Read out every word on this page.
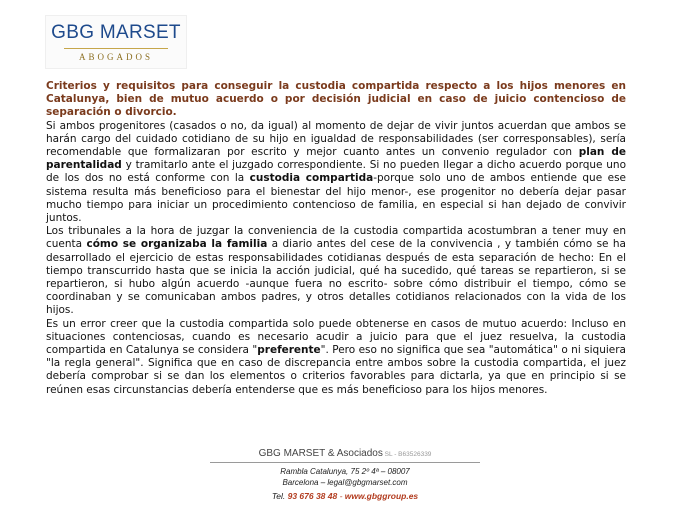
GBG MARSET
ABOGADOS

Criterios y requisitos para conseguir la custodia compartida respecto a los hijos menores en Catalunya, bien de mutuo acuerdo o por decisión judicial en caso de juicio contencioso de separación o divorcio.

Si ambos progenitores (casados o no, da igual) al momento de dejar de vivir juntos acuerdan que ambos se harán cargo del cuidado cotidiano de su hijo en igualdad de responsabilidades (ser corresponsables), sería recomendable que formalizaran por escrito y mejor cuanto antes un convenio regulador con plan de parentalidad y tramitarlo ante el juzgado correspondiente. Si no pueden llegar a dicho acuerdo porque uno de los dos no está conforme con la custodia compartida-porque solo uno de ambos entiende que ese sistema resulta más beneficioso para el bienestar del hijo menor-, ese progenitor no debería dejar pasar mucho tiempo para iniciar un procedimiento contencioso de familia, en especial si han dejado de convivir juntos.

Los tribunales a la hora de juzgar la conveniencia de la custodia compartida acostumbran a tener muy en cuenta cómo se organizaba la familia a diario antes del cese de la convivencia , y también cómo se ha desarrollado el ejercicio de estas responsabilidades cotidianas después de esta separación de hecho: En el tiempo transcurrido hasta que se inicia la acción judicial, qué ha sucedido, qué tareas se repartieron, si se repartieron, si hubo algún acuerdo -aunque fuera no escrito- sobre cómo distribuir el tiempo, cómo se coordinaban y se comunicaban ambos padres, y otros detalles cotidianos relacionados con la vida de los hijos.

Es un error creer que la custodia compartida solo puede obtenerse en casos de mutuo acuerdo: Incluso en situaciones contenciosas, cuando es necesario acudir a juicio para que el juez resuelva, la custodia compartida en Catalunya se considera "preferente". Pero eso no significa que sea "automática" o ni siquiera "la regla general". Significa que en caso de discrepancia entre ambos sobre la custodia compartida, el juez debería comprobar si se dan los elementos o criterios favorables para dictarla, ya que en principio si se reúnen esas circunstancias debería entenderse que es más beneficioso para los hijos menores.

GBG MARSET & Asociados SL - B63526339
Rambla Catalunya, 75 2º 4ª – 08007
Barcelona – legal@gbgmarset.com
Tel. 93 676 38 48 - www.gbggroup.es
